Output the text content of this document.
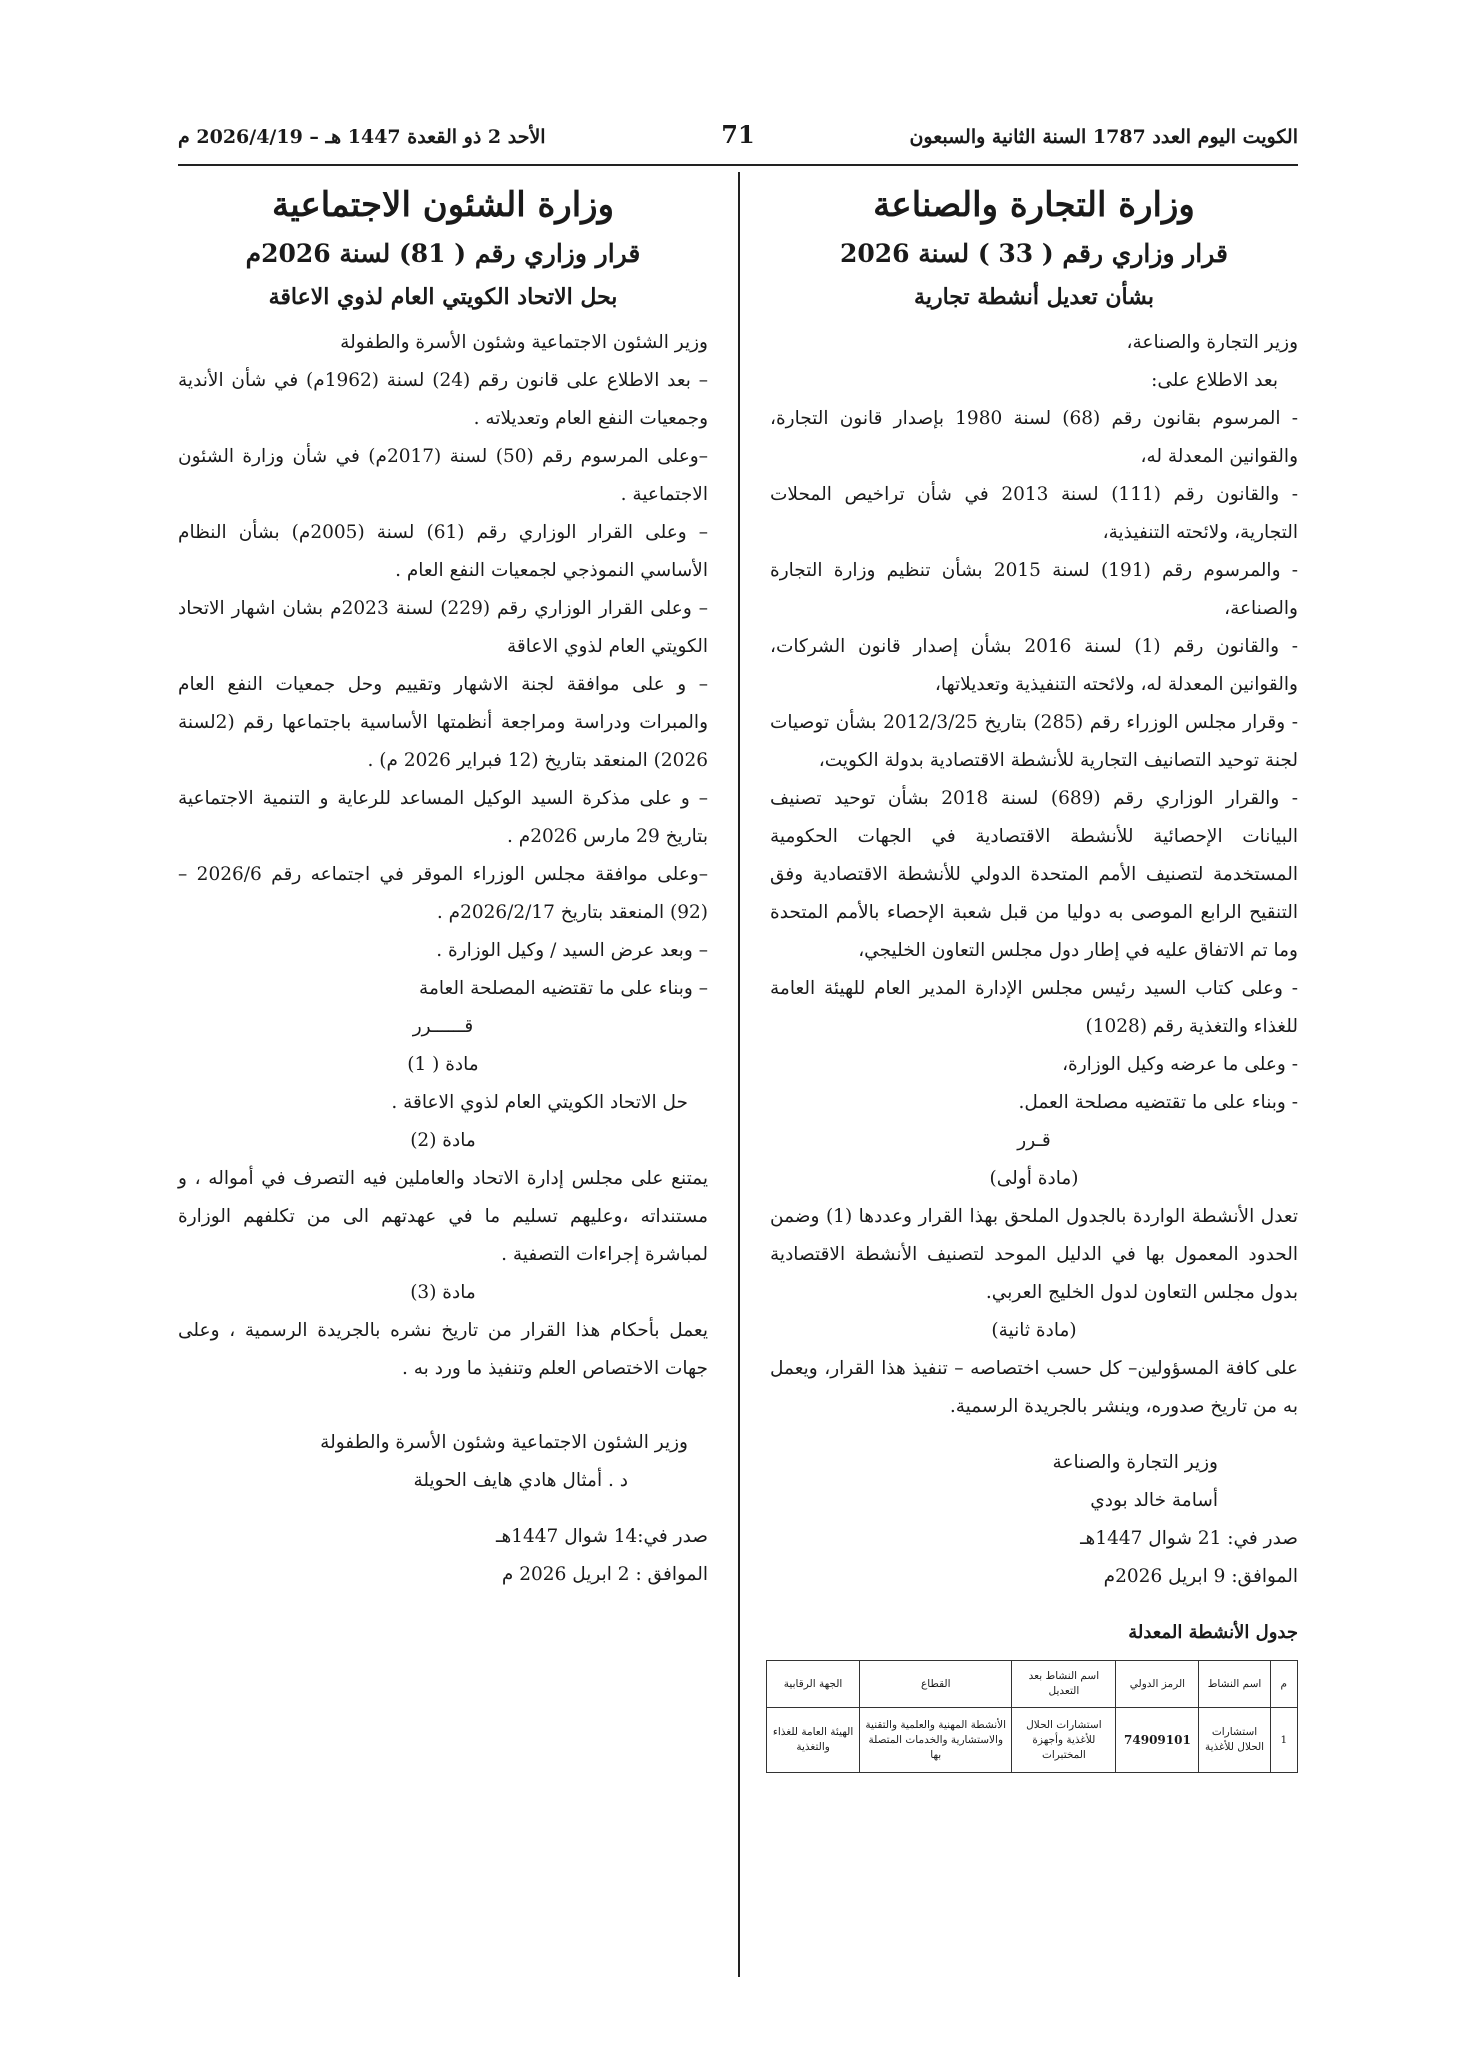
الكويت اليوم العدد 1787 السنة الثانية والسبعون
71
الأحد 2 ذو القعدة 1447 هـ – 2026/4/19 م
وزارة التجارة والصناعة
قرار وزاري رقم ( 33 ) لسنة 2026
بشأن تعديل أنشطة تجارية

وزير التجارة والصناعة،

بعد الاطلاع على:

- المرسوم بقانون رقم (68) لسنة 1980 بإصدار قانون التجارة، والقوانين المعدلة له،

- والقانون رقم (111) لسنة 2013 في شأن تراخيص المحلات التجارية، ولائحته التنفيذية،

- والمرسوم رقم (191) لسنة 2015 بشأن تنظيم وزارة التجارة والصناعة،

- والقانون رقم (1) لسنة 2016 بشأن إصدار قانون الشركات، والقوانين المعدلة له، ولائحته التنفيذية وتعديلاتها،

- وقرار مجلس الوزراء رقم (285) بتاريخ 2012/3/25 بشأن توصيات لجنة توحيد التصانيف التجارية للأنشطة الاقتصادية بدولة الكويت،

- والقرار الوزاري رقم (689) لسنة 2018 بشأن توحيد تصنيف البيانات الإحصائية للأنشطة الاقتصادية في الجهات الحكومية المستخدمة لتصنيف الأمم المتحدة الدولي للأنشطة الاقتصادية وفق التنقيح الرابع الموصى به دوليا من قبل شعبة الإحصاء بالأمم المتحدة وما تم الاتفاق عليه في إطار دول مجلس التعاون الخليجي،

- وعلى كتاب السيد رئيس مجلس الإدارة المدير العام للهيئة العامة للغذاء والتغذية رقم (1028)

- وعلى ما عرضه وكيل الوزارة،

- وبناء على ما تقتضيه مصلحة العمل.

قـرر

(مادة أولى)

تعدل الأنشطة الواردة بالجدول الملحق بهذا القرار وعددها (1) وضمن الحدود المعمول بها في الدليل الموحد لتصنيف الأنشطة الاقتصادية بدول مجلس التعاون لدول الخليج العربي.

(مادة ثانية)

على كافة المسؤولين– كل حسب اختصاصه – تنفيذ هذا القرار، ويعمل به من تاريخ صدوره، وينشر بالجريدة الرسمية.

وزير التجارة والصناعة

أسامة خالد بودي

صدر في: 21 شوال 1447هـ

الموافق: 9 ابريل 2026م

جدول الأنشطة المعدلة
م	اسم النشاط	الرمز الدولي	اسم النشاط بعد التعديل	القطاع	الجهة الرقابية
1	استشارات الحلال للأغذية	74909101	استشارات الحلال للأغذية وأجهزة المختبرات	الأنشطة المهنية والعلمية والتقنية والاستشارية والخدمات المتصلة بها	الهيئة العامة للغذاء والتغذية
وزارة الشئون الاجتماعية
قرار وزاري رقم ( 81) لسنة 2026م
بحل الاتحاد الكويتي العام لذوي الاعاقة

وزير الشئون الاجتماعية وشئون الأسرة والطفولة

– بعد الاطلاع على قانون رقم (24) لسنة (1962م) في شأن الأندية وجمعيات النفع العام وتعديلاته .

–وعلى المرسوم رقم (50) لسنة (2017م) في شأن وزارة الشئون الاجتماعية .

– وعلى القرار الوزاري رقم (61) لسنة (2005م) بشأن النظام الأساسي النموذجي لجمعيات النفع العام .

– وعلى القرار الوزاري رقم (229) لسنة 2023م بشان اشهار الاتحاد الكويتي العام لذوي الاعاقة

– و على موافقة لجنة الاشهار وتقييم وحل جمعيات النفع العام والمبرات ودراسة ومراجعة أنظمتها الأساسية باجتماعها رقم (2لسنة 2026) المنعقد بتاريخ (12 فبراير 2026 م) .

– و على مذكرة السيد الوكيل المساعد للرعاية و التنمية الاجتماعية بتاريخ 29 مارس 2026م .

–وعلى موافقة مجلس الوزراء الموقر في اجتماعه رقم 2026/6 – (92) المنعقد بتاريخ 2026/2/17م .

– وبعد عرض السيد / وكيل الوزارة .

– وبناء على ما تقتضيه المصلحة العامة

قــــــرر

مادة ( 1)

حل الاتحاد الكويتي العام لذوي الاعاقة .

مادة (2)

يمتنع على مجلس إدارة الاتحاد والعاملين فيه التصرف في أمواله ، و مستنداته ،وعليهم تسليم ما في عهدتهم الى من تكلفهم الوزارة لمباشرة إجراءات التصفية .

مادة (3)

يعمل بأحكام هذا القرار من تاريخ نشره بالجريدة الرسمية ، وعلى جهات الاختصاص العلم وتنفيذ ما ورد به .

وزير الشئون الاجتماعية وشئون الأسرة والطفولة

د . أمثال هادي هايف الحويلة

صدر في:14 شوال 1447هـ

الموافق : 2 ابريل 2026 م
